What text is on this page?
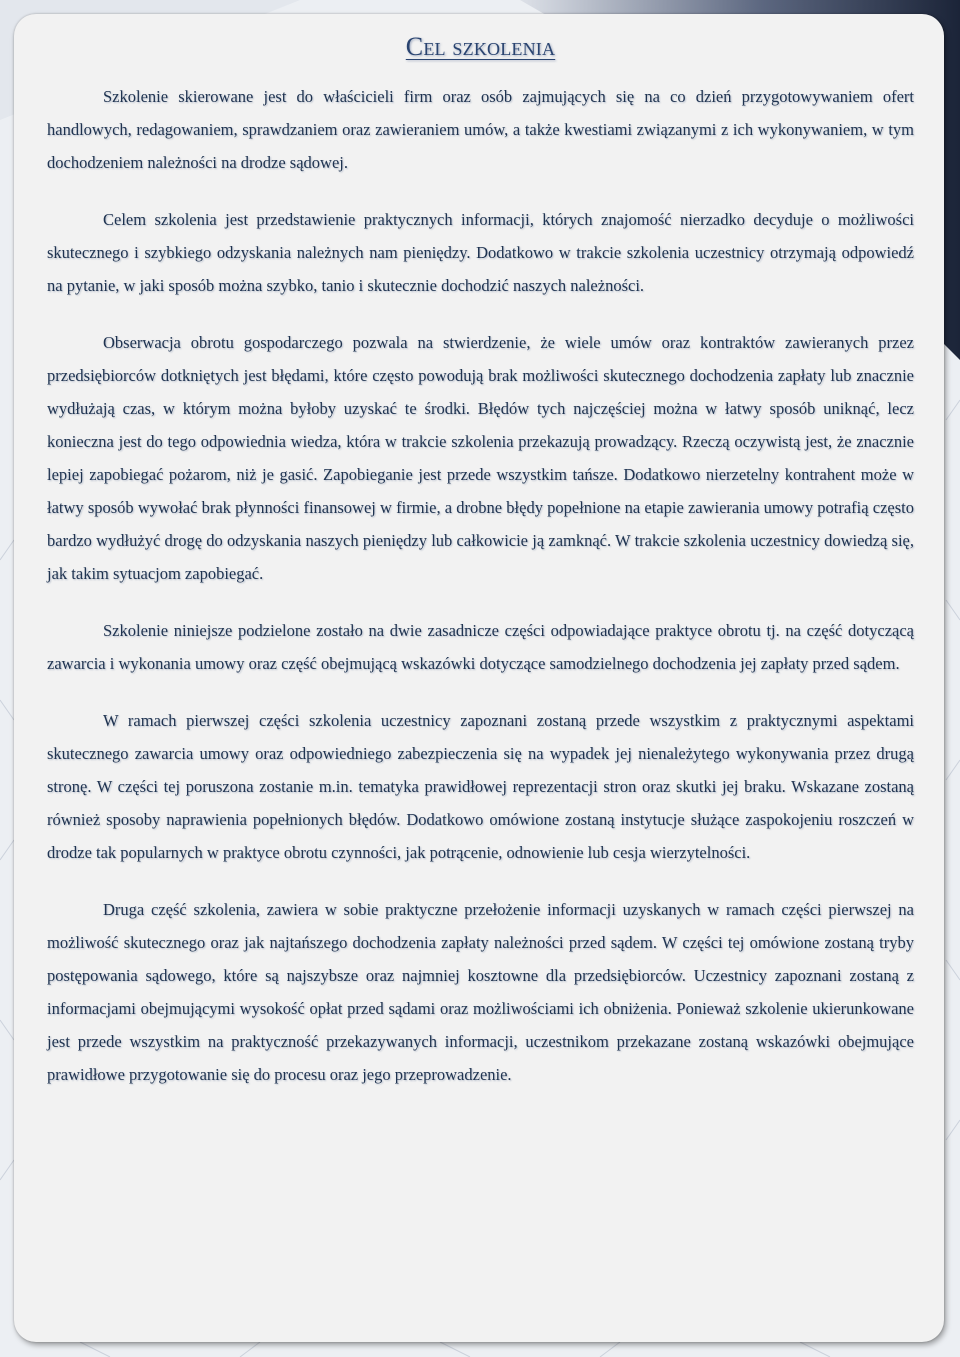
Cel szkolenia

Szkolenie skierowane jest do właścicieli firm oraz osób zajmujących się na co dzień przygotowywaniem ofert handlowych, redagowaniem, sprawdzaniem oraz zawieraniem umów, a także kwestiami związanymi z ich wykonywaniem, w tym dochodzeniem należności na drodze sądowej.

Celem szkolenia jest przedstawienie praktycznych informacji, których znajomość nierzadko decyduje o możliwości skutecznego i szybkiego odzyskania należnych nam pieniędzy. Dodatkowo w trakcie szkolenia uczestnicy otrzymają odpowiedź na pytanie, w jaki sposób można szybko, tanio i skutecznie dochodzić naszych należności.

Obserwacja obrotu gospodarczego pozwala na stwierdzenie, że wiele umów oraz kontraktów zawieranych przez przedsiębiorców dotkniętych jest błędami, które często powodują brak możliwości skutecznego dochodzenia zapłaty lub znacznie wydłużają czas, w którym można byłoby uzyskać te środki. Błędów tych najczęściej można w łatwy sposób uniknąć, lecz konieczna jest do tego odpowiednia wiedza, która w trakcie szkolenia przekazują prowadzący. Rzeczą oczywistą jest, że znacznie lepiej zapobiegać pożarom, niż je gasić. Zapobieganie jest przede wszystkim tańsze. Dodatkowo nierzetelny kontrahent może w łatwy sposób wywołać brak płynności finansowej w firmie, a drobne błędy popełnione na etapie zawierania umowy potrafią często bardzo wydłużyć drogę do odzyskania naszych pieniędzy lub całkowicie ją zamknąć. W trakcie szkolenia uczestnicy dowiedzą się, jak takim sytuacjom zapobiegać.

Szkolenie niniejsze podzielone zostało na dwie zasadnicze części odpowiadające praktyce obrotu tj. na część dotyczącą zawarcia i wykonania umowy oraz część obejmującą wskazówki dotyczące samodzielnego dochodzenia jej zapłaty przed sądem.

W ramach pierwszej części szkolenia uczestnicy zapoznani zostaną przede wszystkim z praktycznymi aspektami skutecznego zawarcia umowy oraz odpowiedniego zabezpieczenia się na wypadek jej nienależytego wykonywania przez drugą stronę. W części tej poruszona zostanie m.in. tematyka prawidłowej reprezentacji stron oraz skutki jej braku. Wskazane zostaną również sposoby naprawienia popełnionych błędów. Dodatkowo omówione zostaną instytucje służące zaspokojeniu roszczeń w drodze tak popularnych w praktyce obrotu czynności, jak potrącenie, odnowienie lub cesja wierzytelności.

Druga część szkolenia, zawiera w sobie praktyczne przełożenie informacji uzyskanych w ramach części pierwszej na możliwość skutecznego oraz jak najtańszego dochodzenia zapłaty należności przed sądem. W części tej omówione zostaną tryby postępowania sądowego, które są najszybsze oraz najmniej kosztowne dla przedsiębiorców. Uczestnicy zapoznani zostaną z informacjami obejmującymi wysokość opłat przed sądami oraz możliwościami ich obniżenia. Ponieważ szkolenie ukierunkowane jest przede wszystkim na praktyczność przekazywanych informacji, uczestnikom przekazane zostaną wskazówki obejmujące prawidłowe przygotowanie się do procesu oraz jego przeprowadzenie.
